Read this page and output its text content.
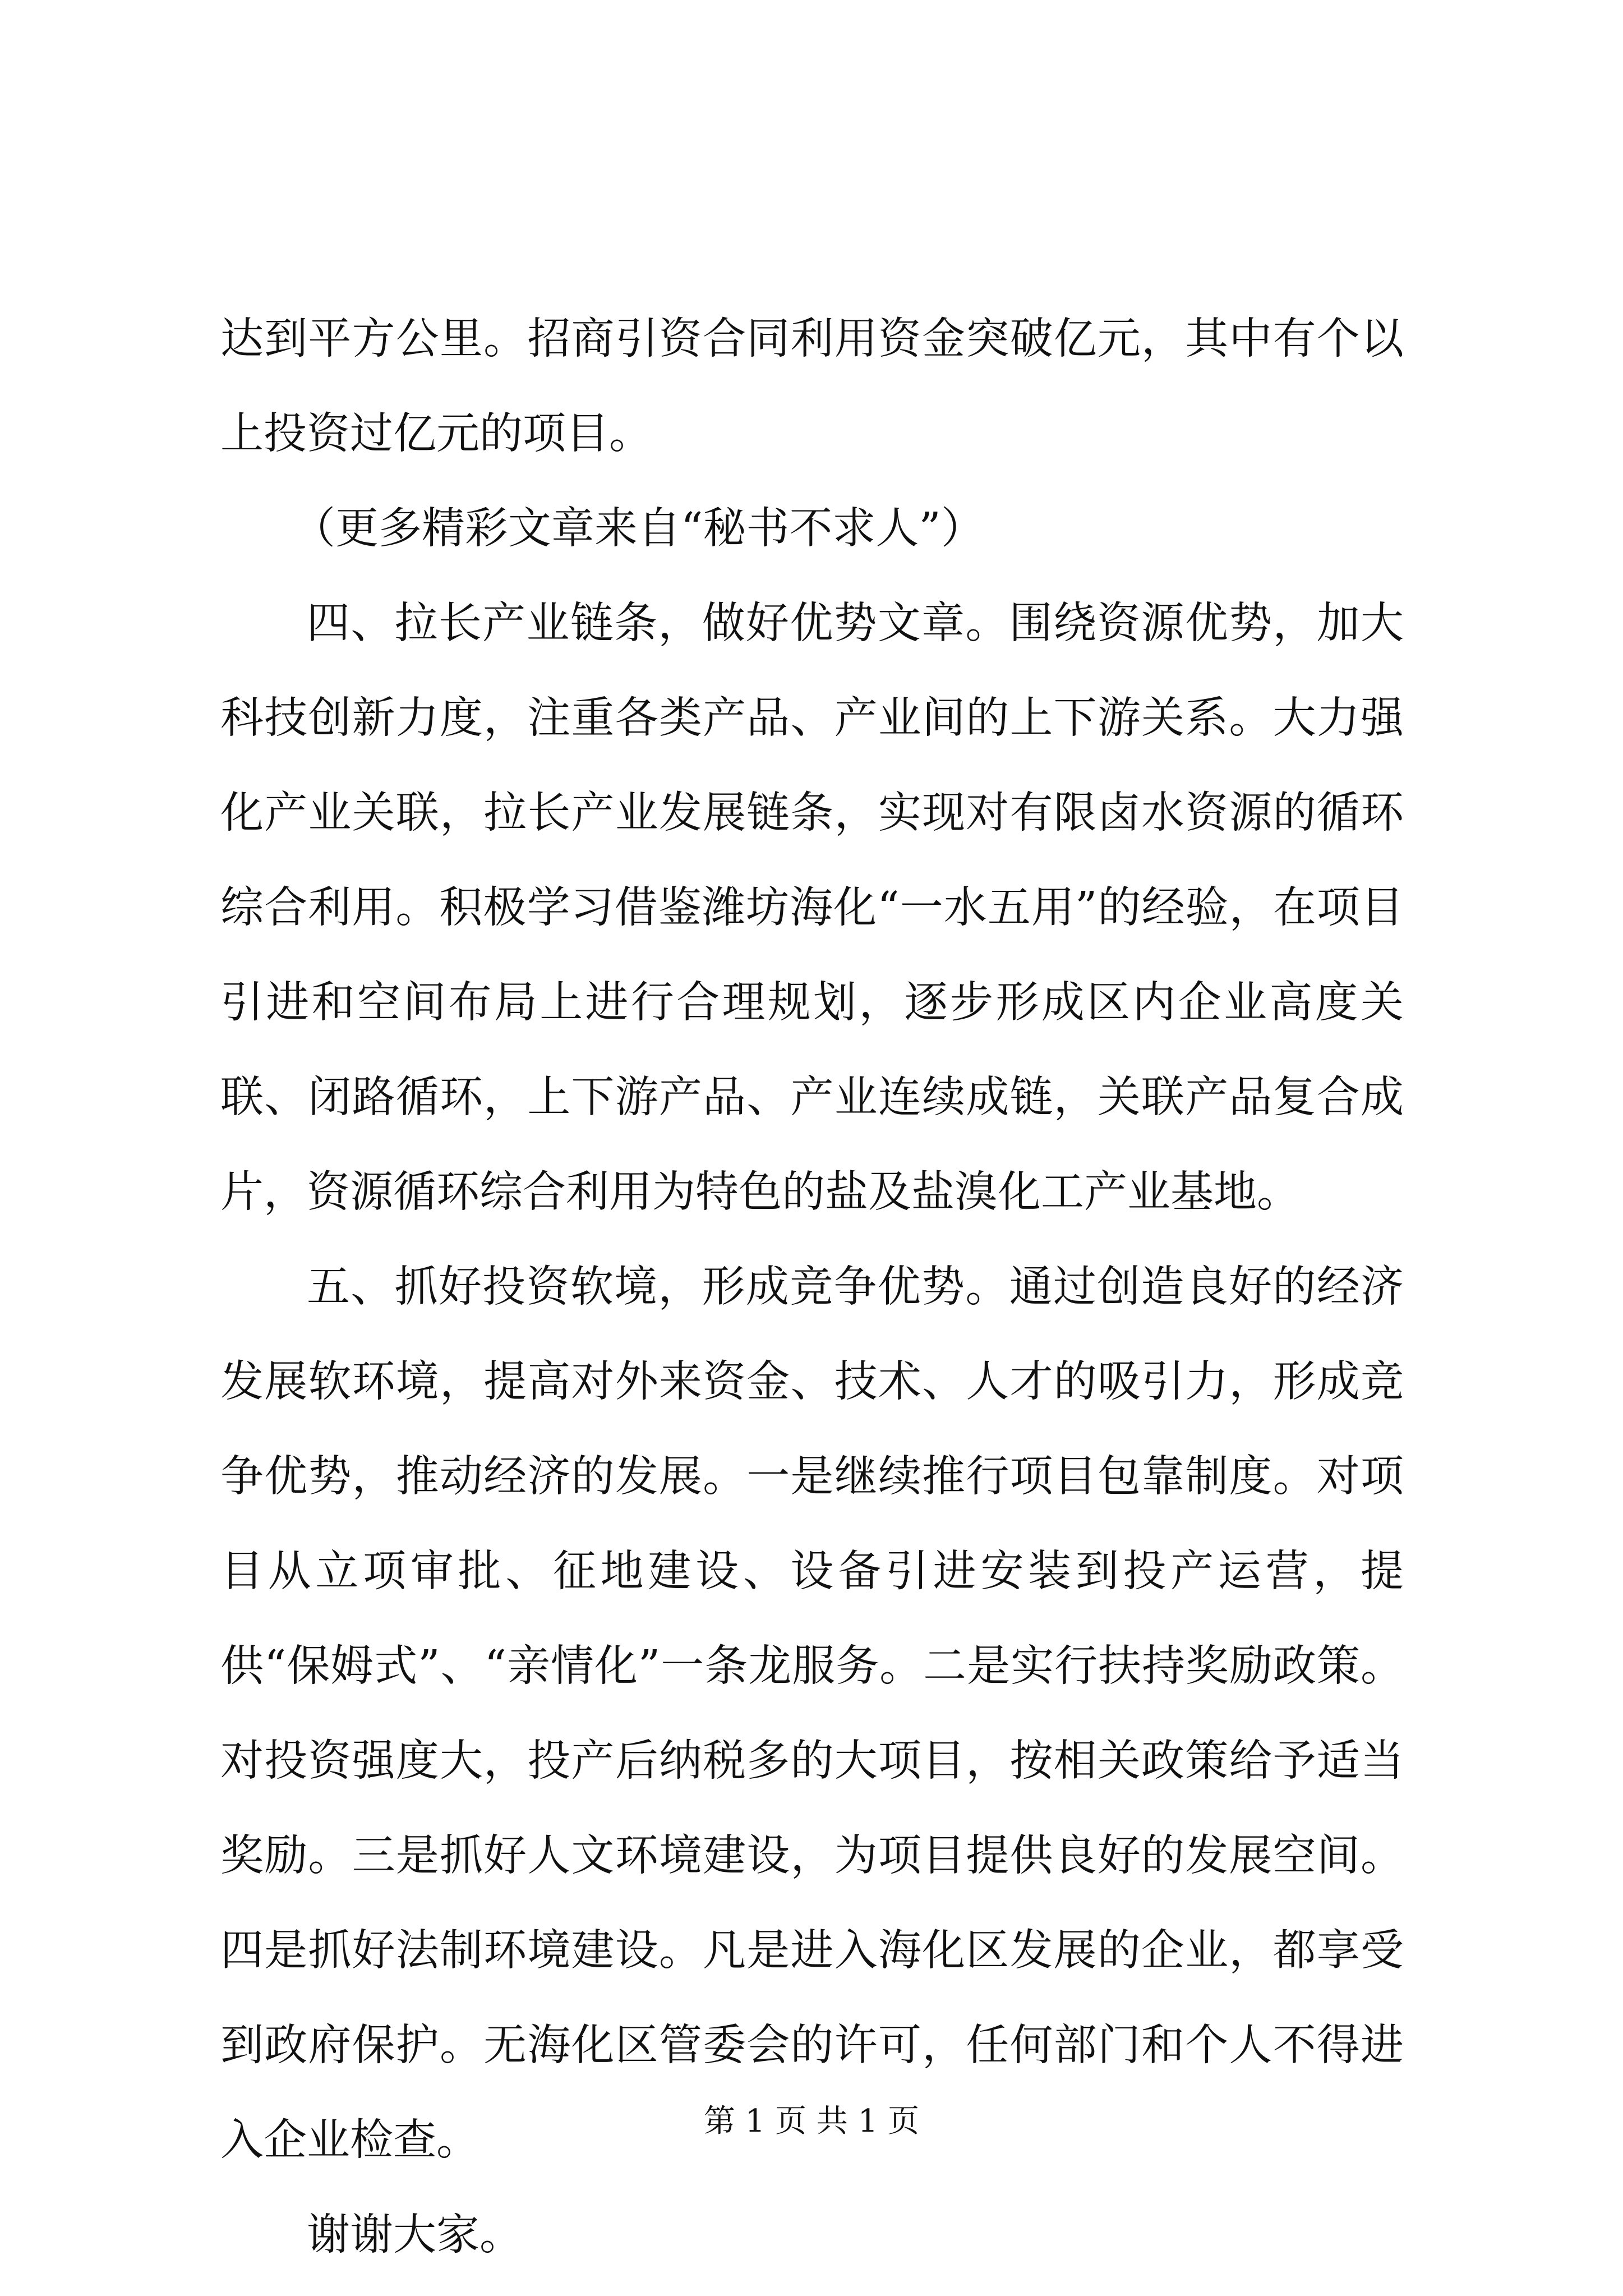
达到平方公里。招商引资合同利用资金突破亿元，其中有个以上投资过亿元的项目。

（更多精彩文章来自“秘书不求人”）

四、拉长产业链条，做好优势文章。围绕资源优势，加大科技创新力度，注重各类产品、产业间的上下游关系。大力强化产业关联，拉长产业发展链条，实现对有限卤水资源的循环综合利用。积极学习借鉴潍坊海化“一水五用”的经验，在项目引进和空间布局上进行合理规划，逐步形成区内企业高度关联、闭路循环，上下游产品、产业连续成链，关联产品复合成片，资源循环综合利用为特色的盐及盐溴化工产业基地。

五、抓好投资软境，形成竞争优势。通过创造良好的经济发展软环境，提高对外来资金、技术、人才的吸引力，形成竞争优势，推动经济的发展。一是继续推行项目包靠制度。对项目从立项审批、征地建设、设备引进安装到投产运营，提供“保姆式”、“亲情化”一条龙服务。二是实行扶持奖励政策。对投资强度大，投产后纳税多的大项目，按相关政策给予适当奖励。三是抓好人文环境建设，为项目提供良好的发展空间。四是抓好法制环境建设。凡是进入海化区发展的企业，都享受到政府保护。无海化区管委会的许可，任何部门和个人不得进入企业检查。

谢谢大家。

第 1 页 共 1 页
